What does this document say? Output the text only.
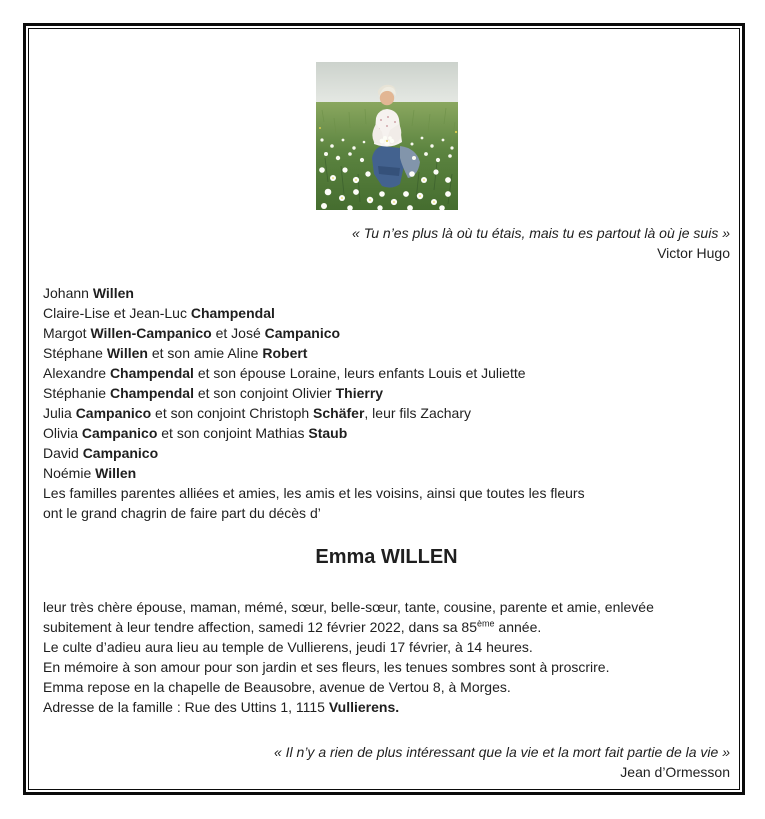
« Tu n’es plus là où tu étais, mais tu es partout là où je suis »
Victor Hugo
Johann Willen
Claire-Lise et Jean-Luc Champendal
Margot Willen-Campanico et José Campanico
Stéphane Willen et son amie Aline Robert
Alexandre Champendal et son épouse Loraine, leurs enfants Louis et Juliette
Stéphanie Champendal et son conjoint Olivier Thierry
Julia Campanico et son conjoint Christoph Schäfer, leur fils Zachary
Olivia Campanico et son conjoint Mathias Staub
David Campanico
Noémie Willen
Les familles parentes alliées et amies, les amis et les voisins, ainsi que toutes les fleurs
ont le grand chagrin de faire part du décès d’
Emma WILLEN
leur très chère épouse, maman, mémé, sœur, belle-sœur, tante, cousine, parente et amie, enlevée
subitement à leur tendre affection, samedi 12 février 2022, dans sa 85ème année.
Le culte d’adieu aura lieu au temple de Vullierens, jeudi 17 février, à 14 heures.
En mémoire à son amour pour son jardin et ses fleurs, les tenues sombres sont à proscrire.
Emma repose en la chapelle de Beausobre, avenue de Vertou 8, à Morges.
Adresse de la famille : Rue des Uttins 1, 1115 Vullierens.
« Il n’y a rien de plus intéressant que la vie et la mort fait partie de la vie »
Jean d’Ormesson
